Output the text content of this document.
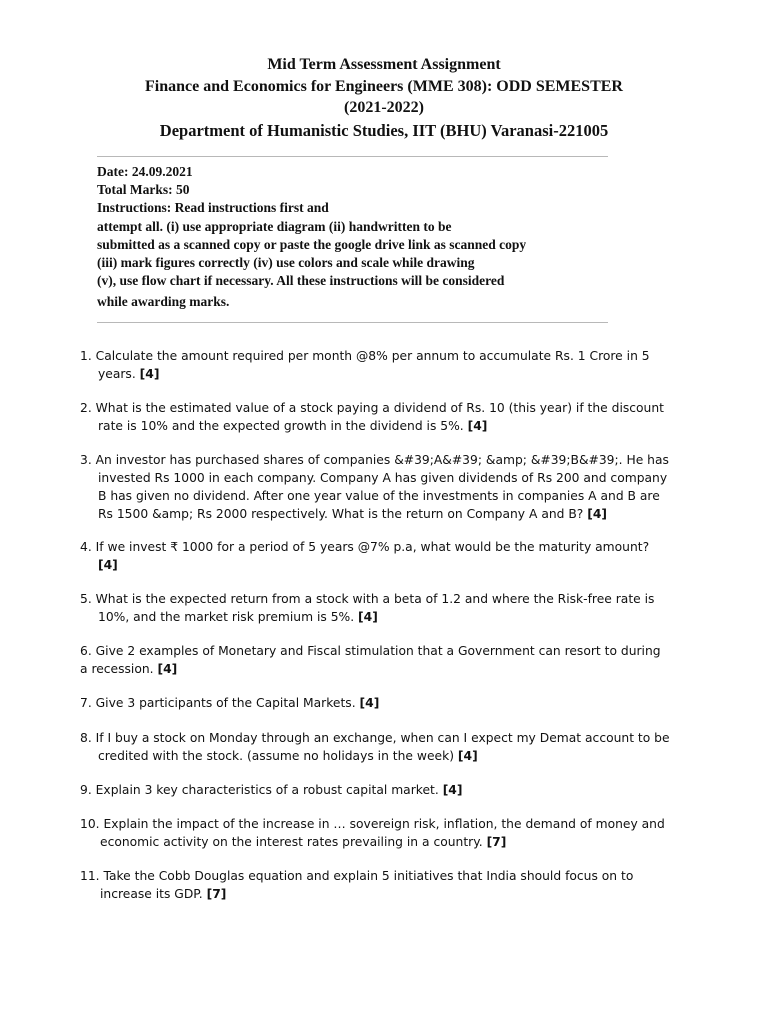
Mid Term Assessment Assignment
Finance and Economics for Engineers (MME 308): ODD SEMESTER
(2021-2022)
Department of Humanistic Studies, IIT (BHU) Varanasi-221005
Date: 24.09.2021
Total Marks: 50
Instructions: Read instructions first and
attempt all. (i) use appropriate diagram (ii) handwritten to be
submitted as a scanned copy or paste the google drive link as scanned copy
(iii) mark figures correctly (iv) use colors and scale while drawing
(v), use flow chart if necessary. All these instructions will be considered
while awarding marks.
1. Calculate the amount required per month @8% per annum to accumulate Rs. 1 Crore in 5
years. [4]
2. What is the estimated value of a stock paying a dividend of Rs. 10 (this year) if the discount
rate is 10% and the expected growth in the dividend is 5%. [4]
3. An investor has purchased shares of companies &#39;A&#39; &amp; &#39;B&#39;. He has
invested Rs 1000 in each company. Company A has given dividends of Rs 200 and company
B has given no dividend. After one year value of the investments in companies A and B are
Rs 1500 &amp; Rs 2000 respectively. What is the return on Company A and B? [4]
4. If we invest ₹ 1000 for a period of 5 years @7% p.a, what would be the maturity amount?
[4]
5. What is the expected return from a stock with a beta of 1.2 and where the Risk-free rate is
10%, and the market risk premium is 5%. [4]
6. Give 2 examples of Monetary and Fiscal stimulation that a Government can resort to during
a recession. [4]
7. Give 3 participants of the Capital Markets. [4]
8. If I buy a stock on Monday through an exchange, when can I expect my Demat account to be
credited with the stock. (assume no holidays in the week) [4]
9. Explain 3 key characteristics of a robust capital market. [4]
10. Explain the impact of the increase in … sovereign risk, inflation, the demand of money and
economic activity on the interest rates prevailing in a country. [7]
11. Take the Cobb Douglas equation and explain 5 initiatives that India should focus on to
increase its GDP. [7]
